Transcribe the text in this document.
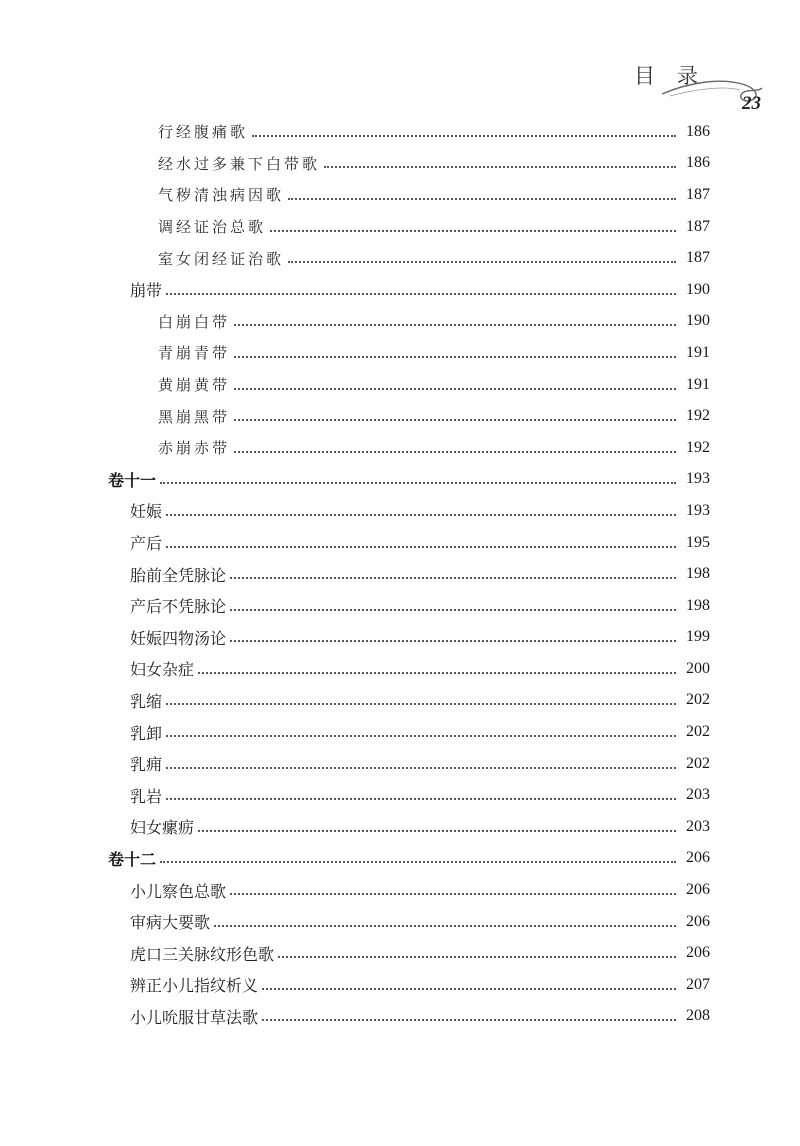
目录
23
行经腹痛歌	186
经水过多兼下白带歌	186
气秽清浊病因歌	187
调经证治总歌	187
室女闭经证治歌	187
崩带	190
白崩白带	190
青崩青带	191
黄崩黄带	191
黑崩黑带	192
赤崩赤带	192
卷十一	193
妊娠	193
产后	195
胎前全凭脉论	198
产后不凭脉论	198
妊娠四物汤论	199
妇女杂症	200
乳缩	202
乳卸	202
乳痈	202
乳岩	203
妇女瘰疬	203
卷十二	206
小儿察色总歌	206
审病大要歌	206
虎口三关脉纹形色歌	206
辨正小儿指纹析义	207
小儿吮服甘草法歌	208
